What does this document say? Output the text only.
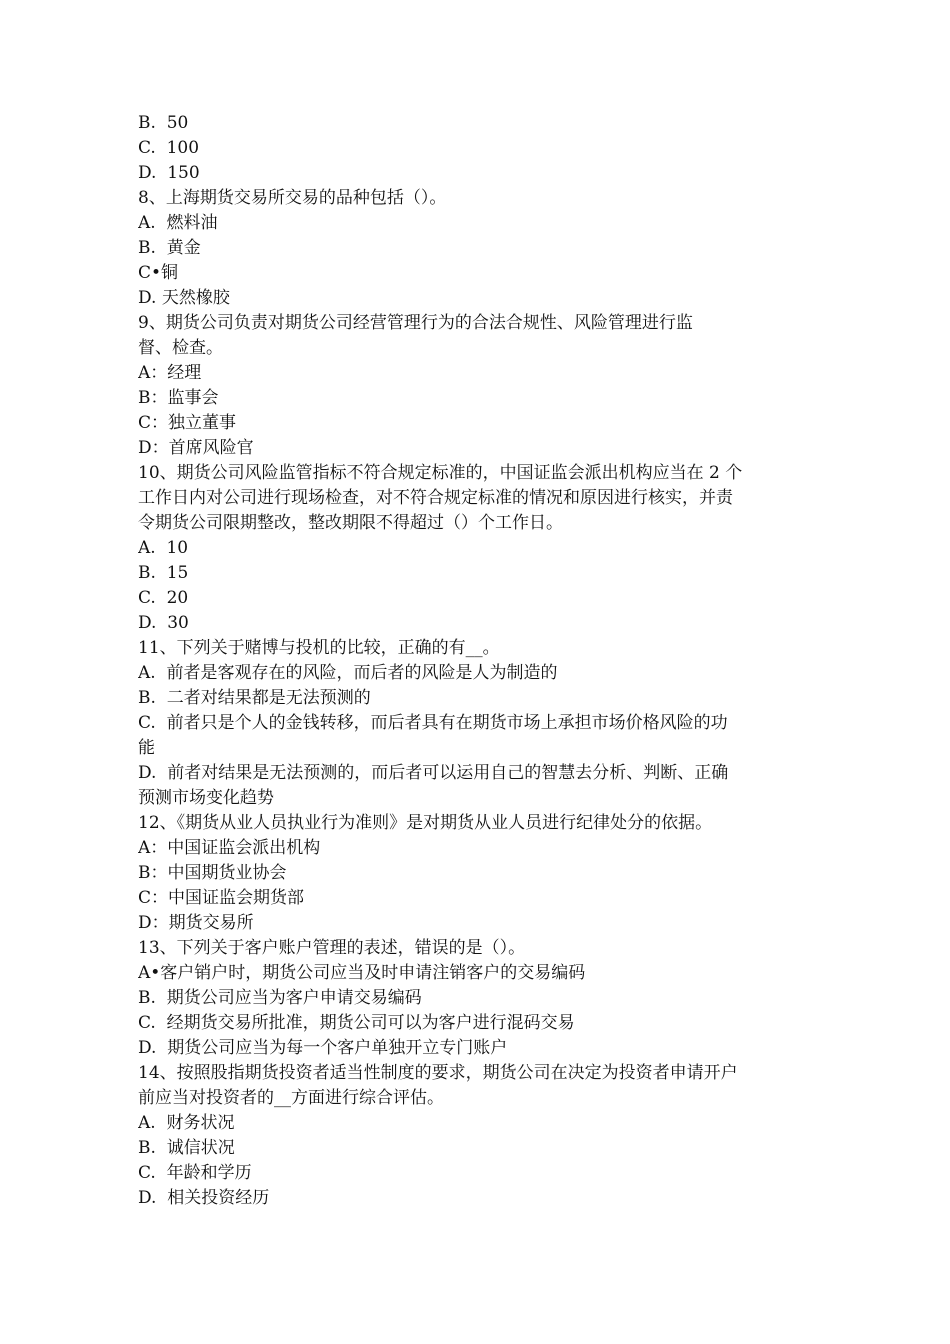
B.  50
C.  100
D.  150
8、上海期货交易所交易的品种包括（）。
A.  燃料油
B.  黄金
C•铜
D. 天然橡胶
9、期货公司负责对期货公司经营管理行为的合法合规性、风险管理进行监
督、检查。
A：经理
B：监事会
C：独立董事
D：首席风险官
10、期货公司风险监管指标不符合规定标准的，中国证监会派出机构应当在 2 个
工作日内对公司进行现场检查，对不符合规定标准的情况和原因进行核实，并责
令期货公司限期整改，整改期限不得超过（）个工作日。
A.  10
B.  15
C.  20
D.  30
11、下列关于赌博与投机的比较，正确的有__。
A.  前者是客观存在的风险，而后者的风险是人为制造的
B.  二者对结果都是无法预测的
C.  前者只是个人的金钱转移，而后者具有在期货市场上承担市场价格风险的功
能
D.  前者对结果是无法预测的，而后者可以运用自己的智慧去分析、判断、正确
预测市场变化趋势
12、《期货从业人员执业行为准则》是对期货从业人员进行纪律处分的依据。
A：中国证监会派出机构
B：中国期货业协会
C：中国证监会期货部
D：期货交易所
13、下列关于客户账户管理的表述，错误的是（）。
A•客户销户时，期货公司应当及时申请注销客户的交易编码
B.  期货公司应当为客户申请交易编码
C.  经期货交易所批准，期货公司可以为客户进行混码交易
D.  期货公司应当为每一个客户单独开立专门账户
14、按照股指期货投资者适当性制度的要求，期货公司在决定为投资者申请开户
前应当对投资者的__方面进行综合评估。
A.  财务状况
B.  诚信状况
C.  年龄和学历
D.  相关投资经历
